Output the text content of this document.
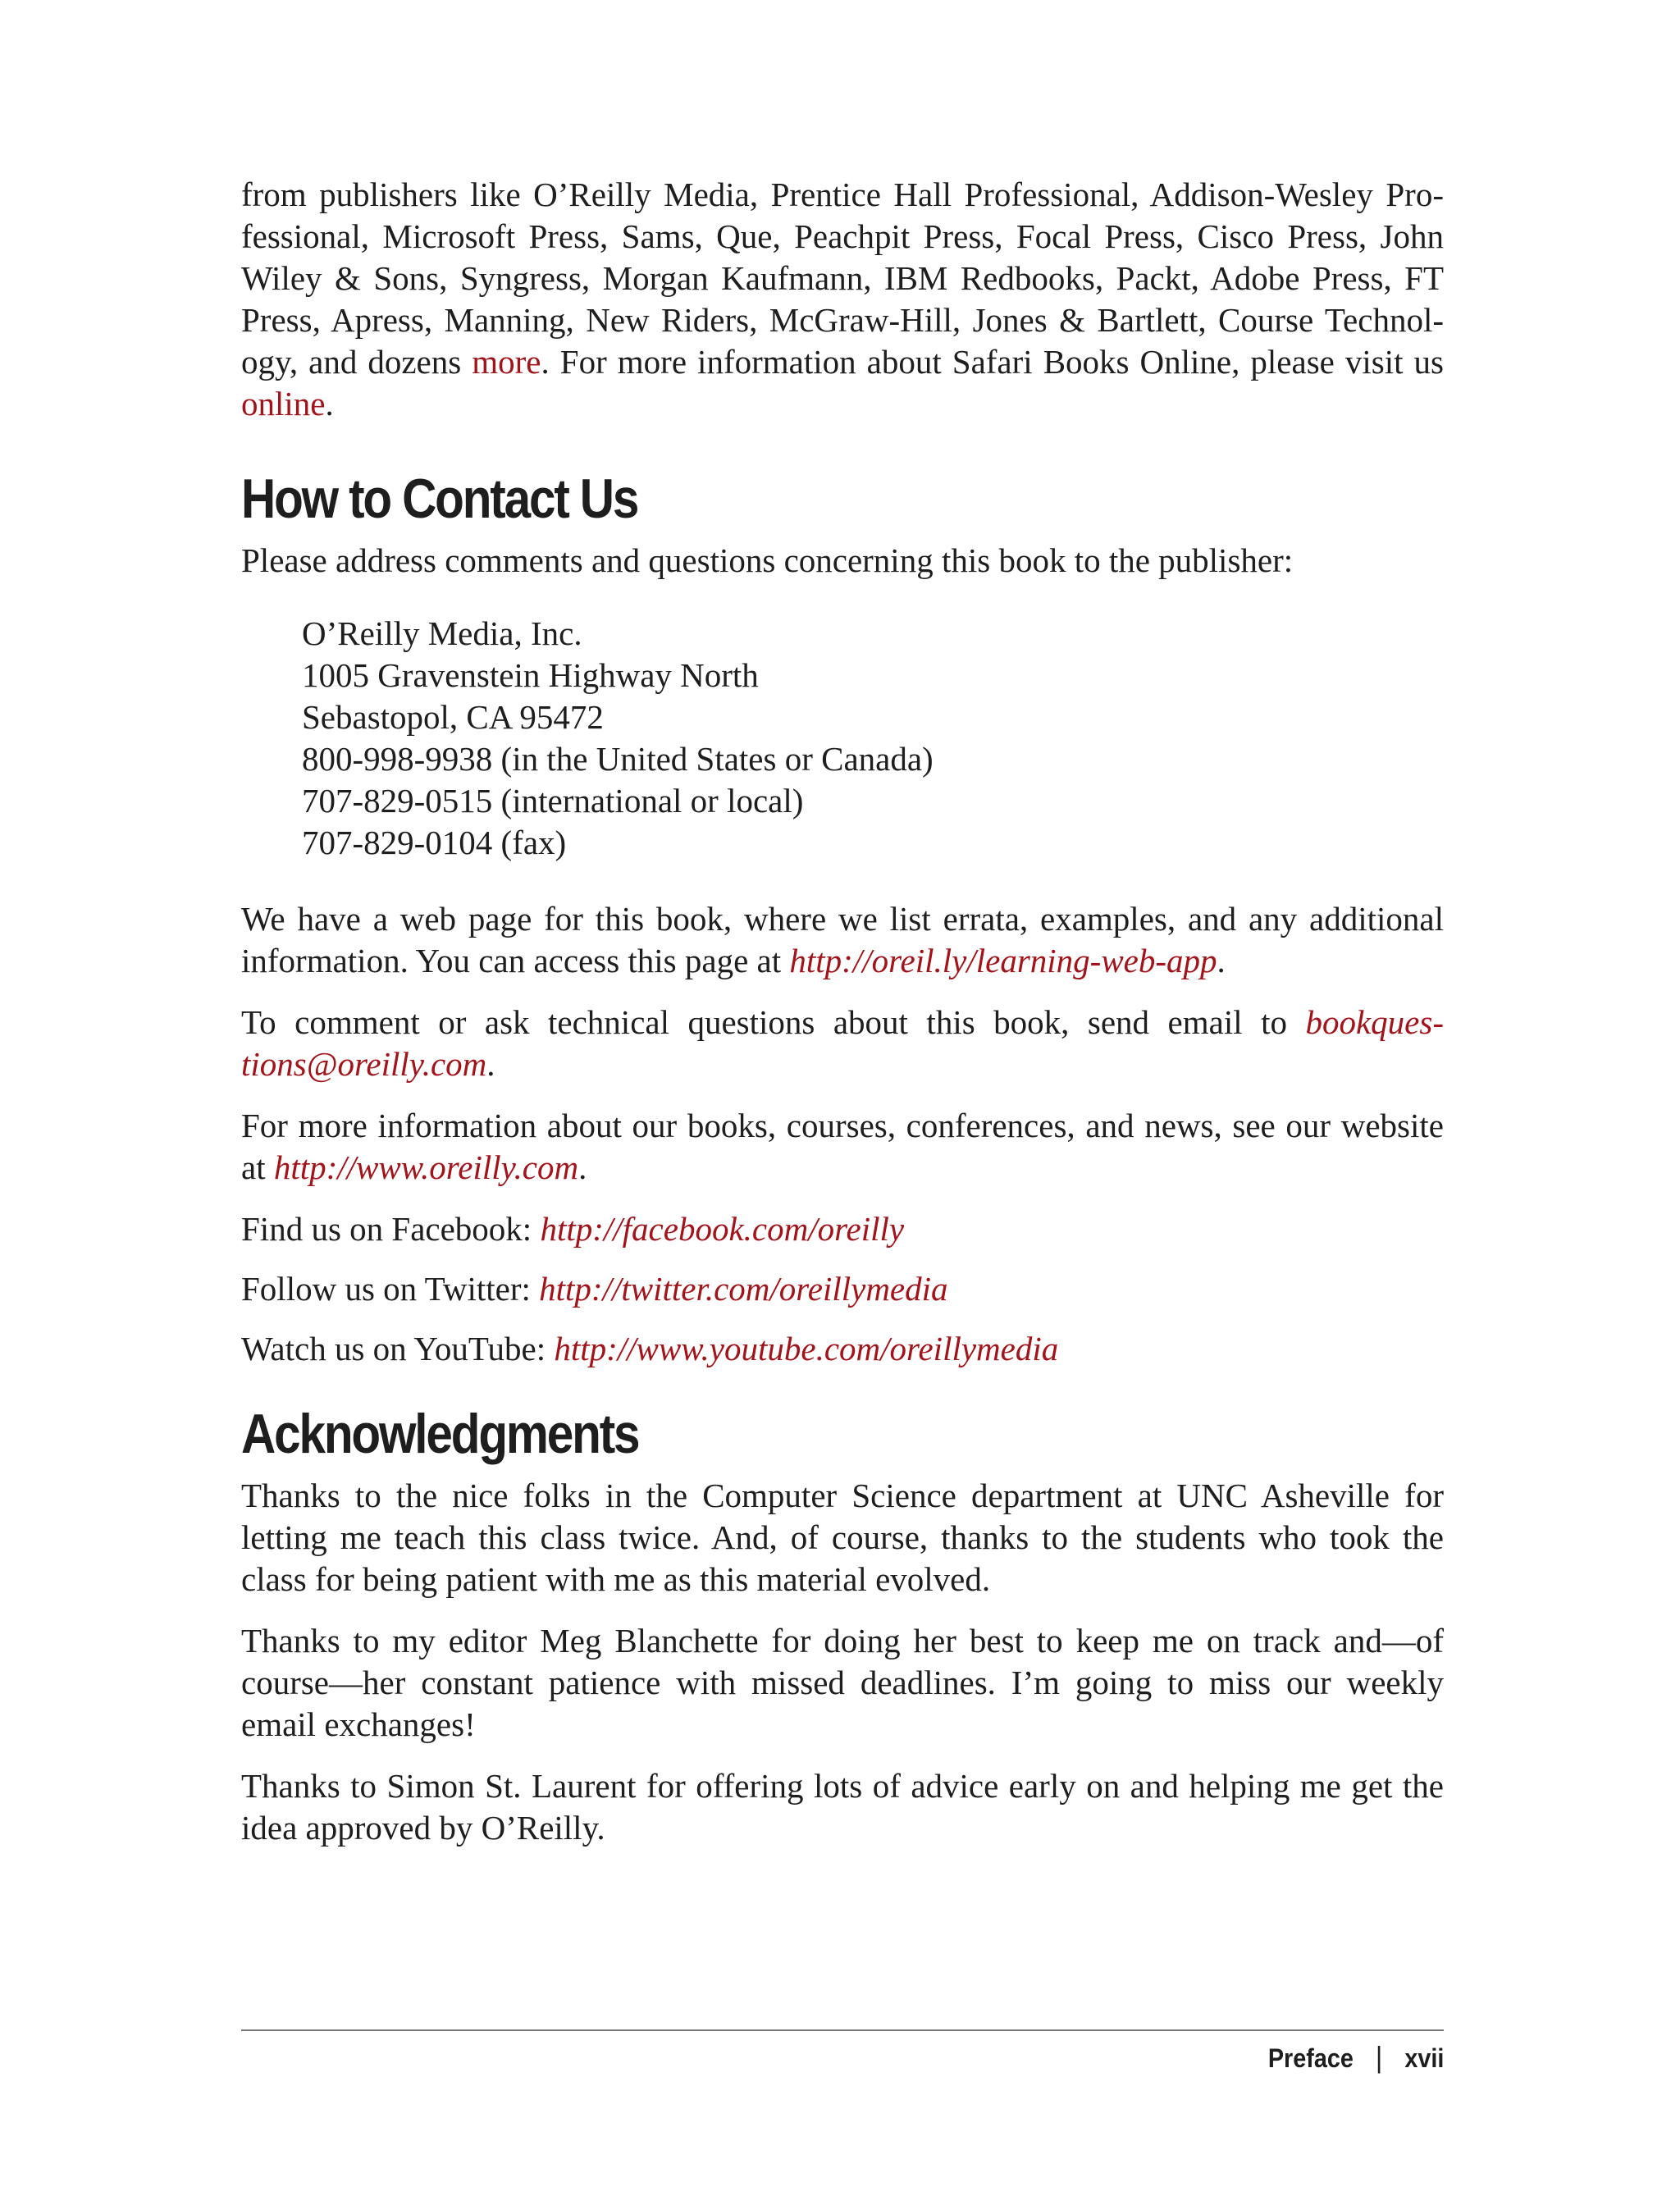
from publishers like O’Reilly Media, Prentice Hall Professional, Addison-Wesley Professional, Microsoft Press, Sams, Que, Peachpit Press, Focal Press, Cisco Press, John Wiley & Sons, Syngress, Morgan Kaufmann, IBM Redbooks, Packt, Adobe Press, FT Press, Apress, Manning, New Riders, McGraw-Hill, Jones & Bartlett, Course Technology, and dozens more. For more information about Safari Books Online, please visit us online.

How to Contact Us

Please address comments and questions concerning this book to the publisher:

O’Reilly Media, Inc.
1005 Gravenstein Highway North
Sebastopol, CA 95472
800-998-9938 (in the United States or Canada)
707-829-0515 (international or local)
707-829-0104 (fax)

We have a web page for this book, where we list errata, examples, and any additional information. You can access this page at http://oreil.ly/learning-web-app.

To comment or ask technical questions about this book, send email to bookquestions@oreilly.com.

For more information about our books, courses, conferences, and news, see our website at http://www.oreilly.com.

Find us on Facebook: http://facebook.com/oreilly

Follow us on Twitter: http://twitter.com/oreillymedia

Watch us on YouTube: http://www.youtube.com/oreillymedia

Acknowledgments

Thanks to the nice folks in the Computer Science department at UNC Asheville for letting me teach this class twice. And, of course, thanks to the students who took the class for being patient with me as this material evolved.

Thanks to my editor Meg Blanchette for doing her best to keep me on track and—of course—her constant patience with missed deadlines. I’m going to miss our weekly email exchanges!

Thanks to Simon St. Laurent for offering lots of advice early on and helping me get the idea approved by O’Reilly.

Preface | xvii
